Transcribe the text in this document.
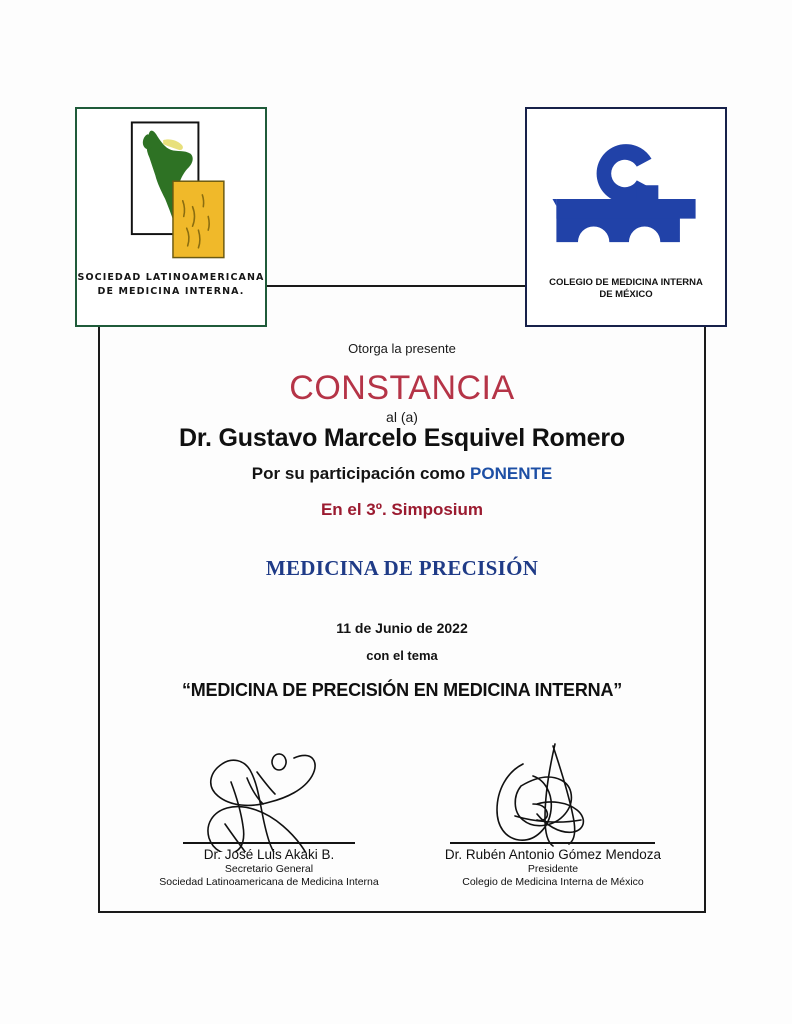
SOCIEDAD LATINOAMERICANA
DE MEDICINA INTERNA.
COLEGIO DE MEDICINA INTERNA
DE MÉXICO
Otorga la presente
CONSTANCIA
al (a)
Dr. Gustavo Marcelo Esquivel Romero
Por su participación como PONENTE
En el 3º. Simposium
MEDICINA DE PRECISIÓN
11 de Junio de 2022
con el tema
“MEDICINA DE PRECISIÓN EN MEDICINA INTERNA”
Dr. José Luis Akaki B.
Secretario General
Sociedad Latinoamericana de Medicina Interna
Dr. Rubén Antonio Gómez Mendoza
Presidente
Colegio de Medicina Interna de México
